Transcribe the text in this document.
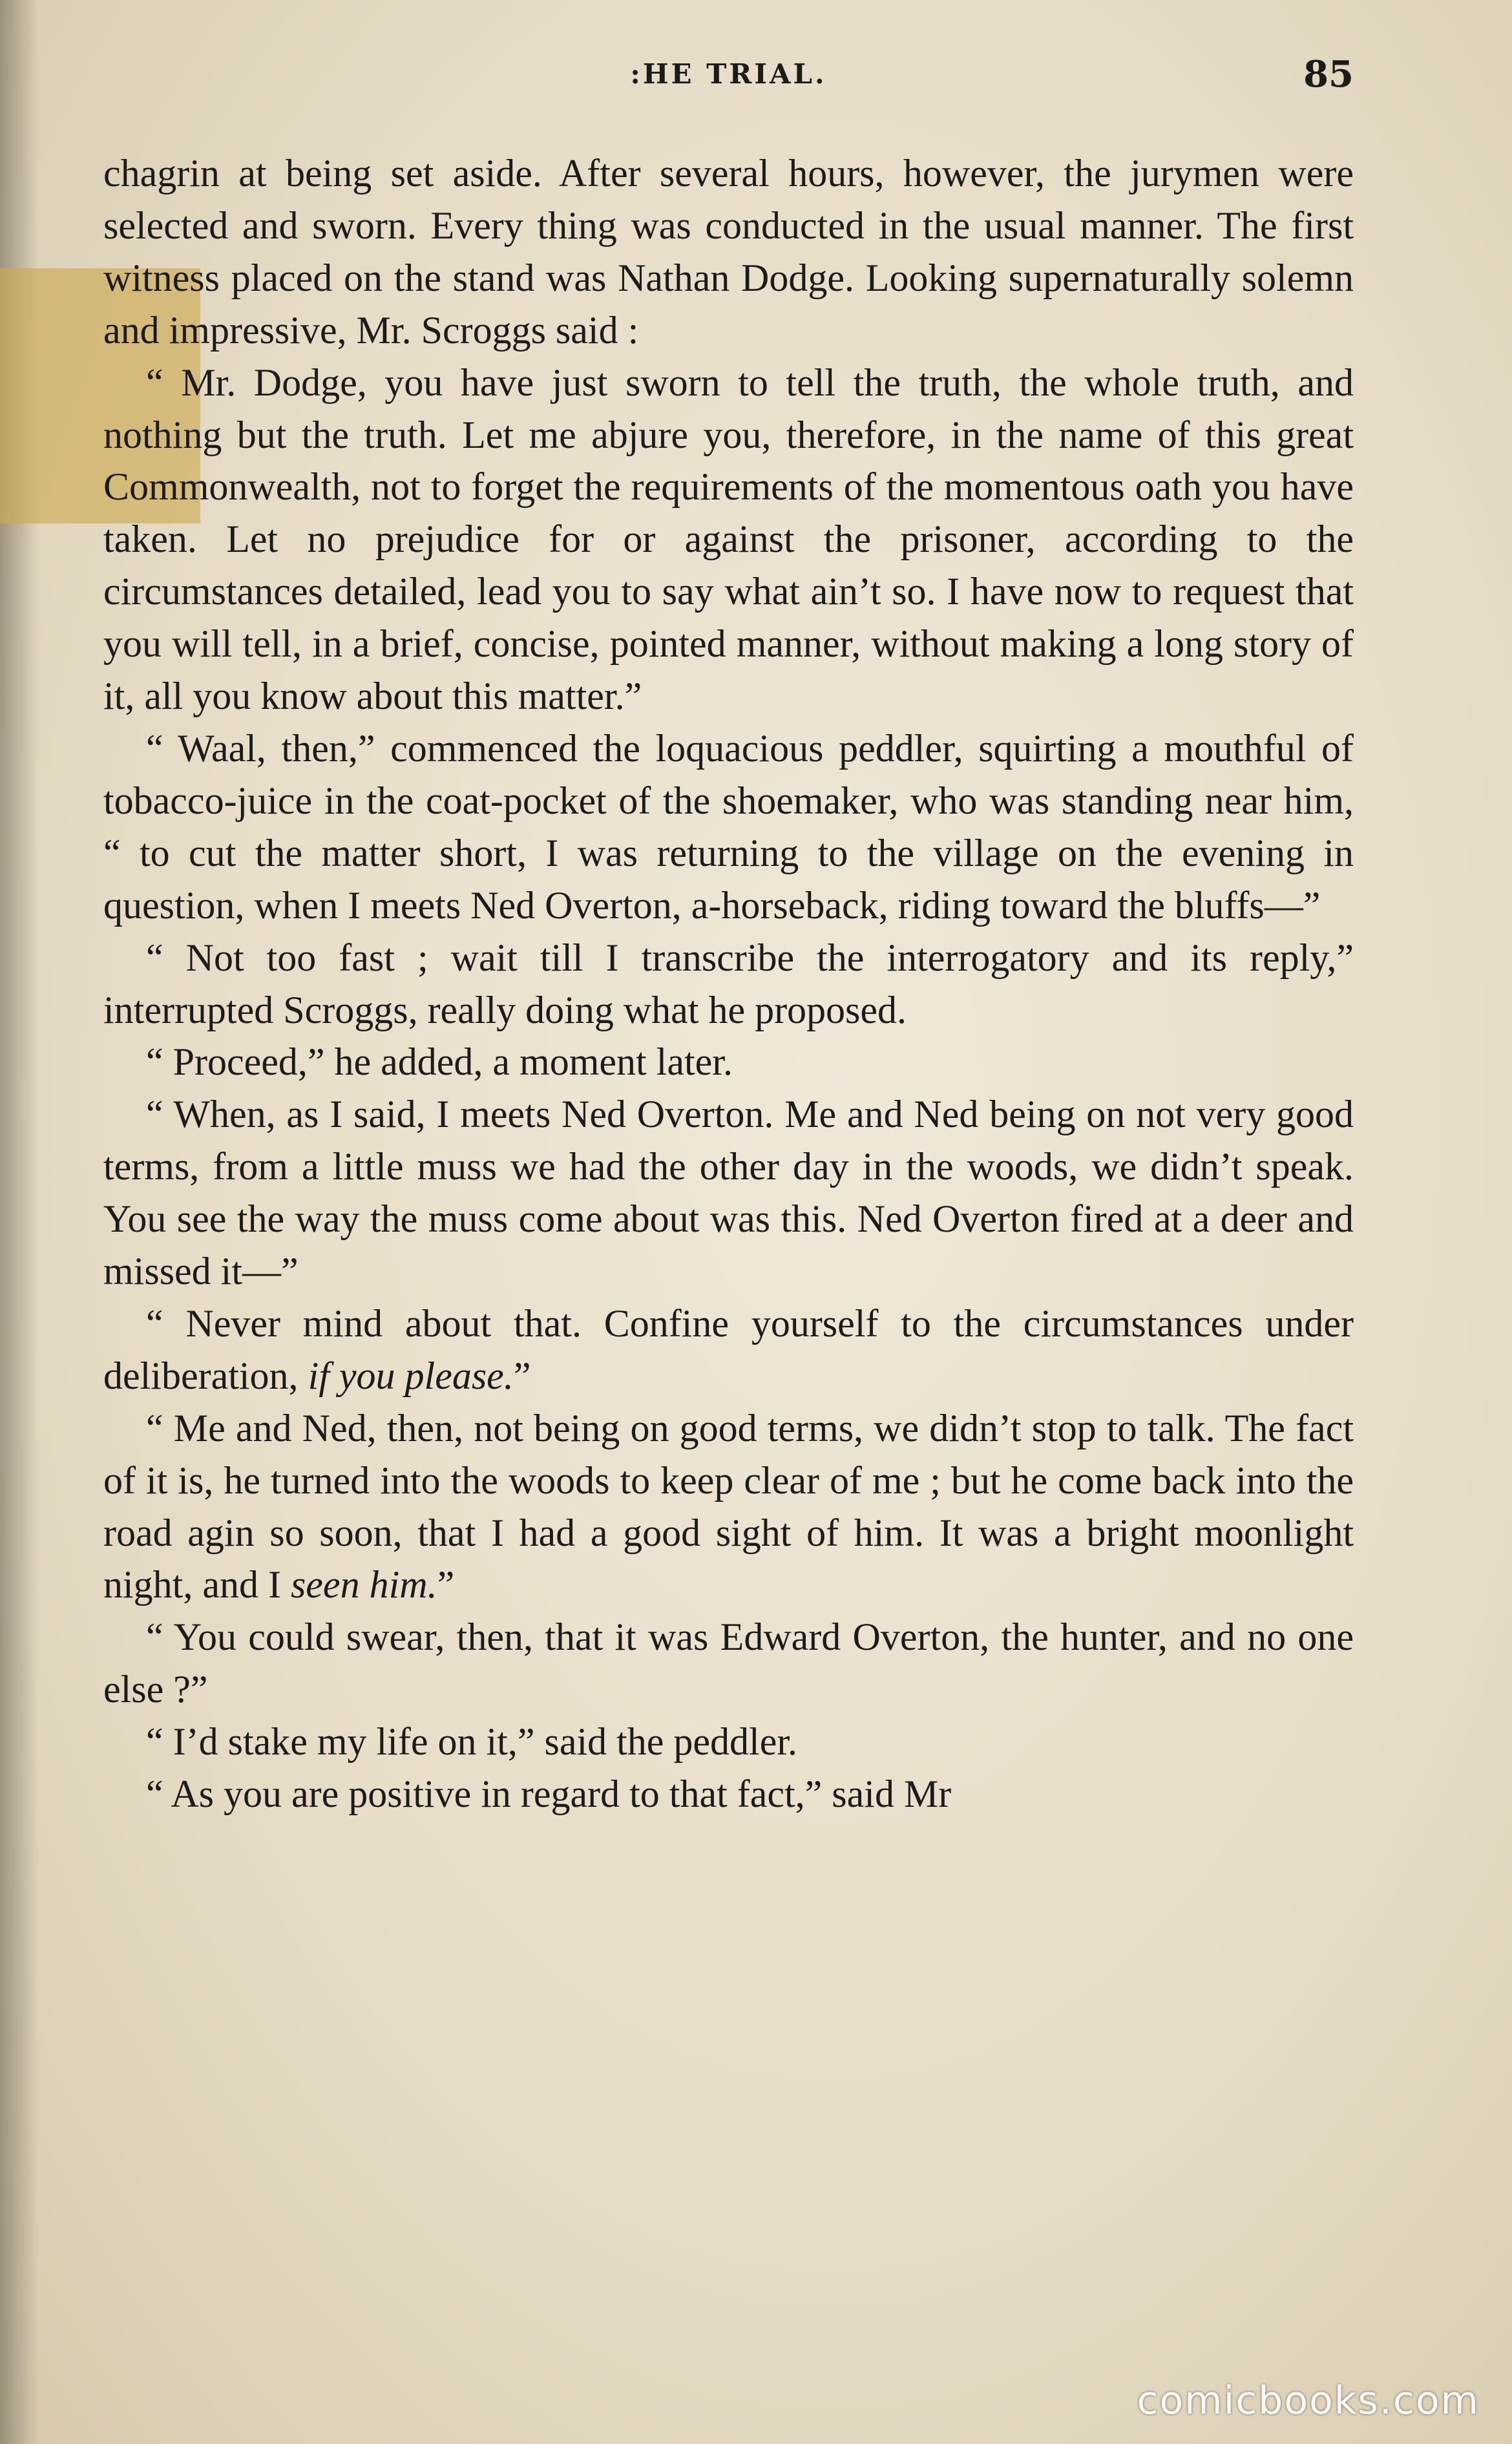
:HE TRIAL.	85

chagrin at being set aside. After several hours, however, the jurymen were selected and sworn. Every thing was conducted in the usual manner. The first witness placed on the stand was Nathan Dodge. Looking supernaturally solemn and impressive, Mr. Scroggs said :

“ Mr. Dodge, you have just sworn to tell the truth, the whole truth, and nothing but the truth. Let me abjure you, therefore, in the name of this great Commonwealth, not to forget the requirements of the momentous oath you have taken. Let no prejudice for or against the prisoner, according to the circumstances detailed, lead you to say what ain’t so. I have now to request that you will tell, in a brief, concise, pointed manner, without making a long story of it, all you know about this matter.”

“ Waal, then,” commenced the loquacious peddler, squirting a mouthful of tobacco-juice in the coat-pocket of the shoemaker, who was standing near him, “ to cut the matter short, I was returning to the village on the evening in question, when I meets Ned Overton, a-horseback, riding toward the bluffs—”

“ Not too fast ; wait till I transcribe the interrogatory and its reply,” interrupted Scroggs, really doing what he proposed.

“ Proceed,” he added, a moment later.

“ When, as I said, I meets Ned Overton. Me and Ned being on not very good terms, from a little muss we had the other day in the woods, we didn’t speak. You see the way the muss come about was this. Ned Overton fired at a deer and missed it—”

“ Never mind about that. Confine yourself to the circumstances under deliberation, if you please.”

“ Me and Ned, then, not being on good terms, we didn’t stop to talk. The fact of it is, he turned into the woods to keep clear of me ; but he come back into the road agin so soon, that I had a good sight of him. It was a bright moonlight night, and I seen him.”

“ You could swear, then, that it was Edward Overton, the hunter, and no one else ?”

“ I’d stake my life on it,” said the peddler.

“ As you are positive in regard to that fact,” said Mr

comicbooks.com
